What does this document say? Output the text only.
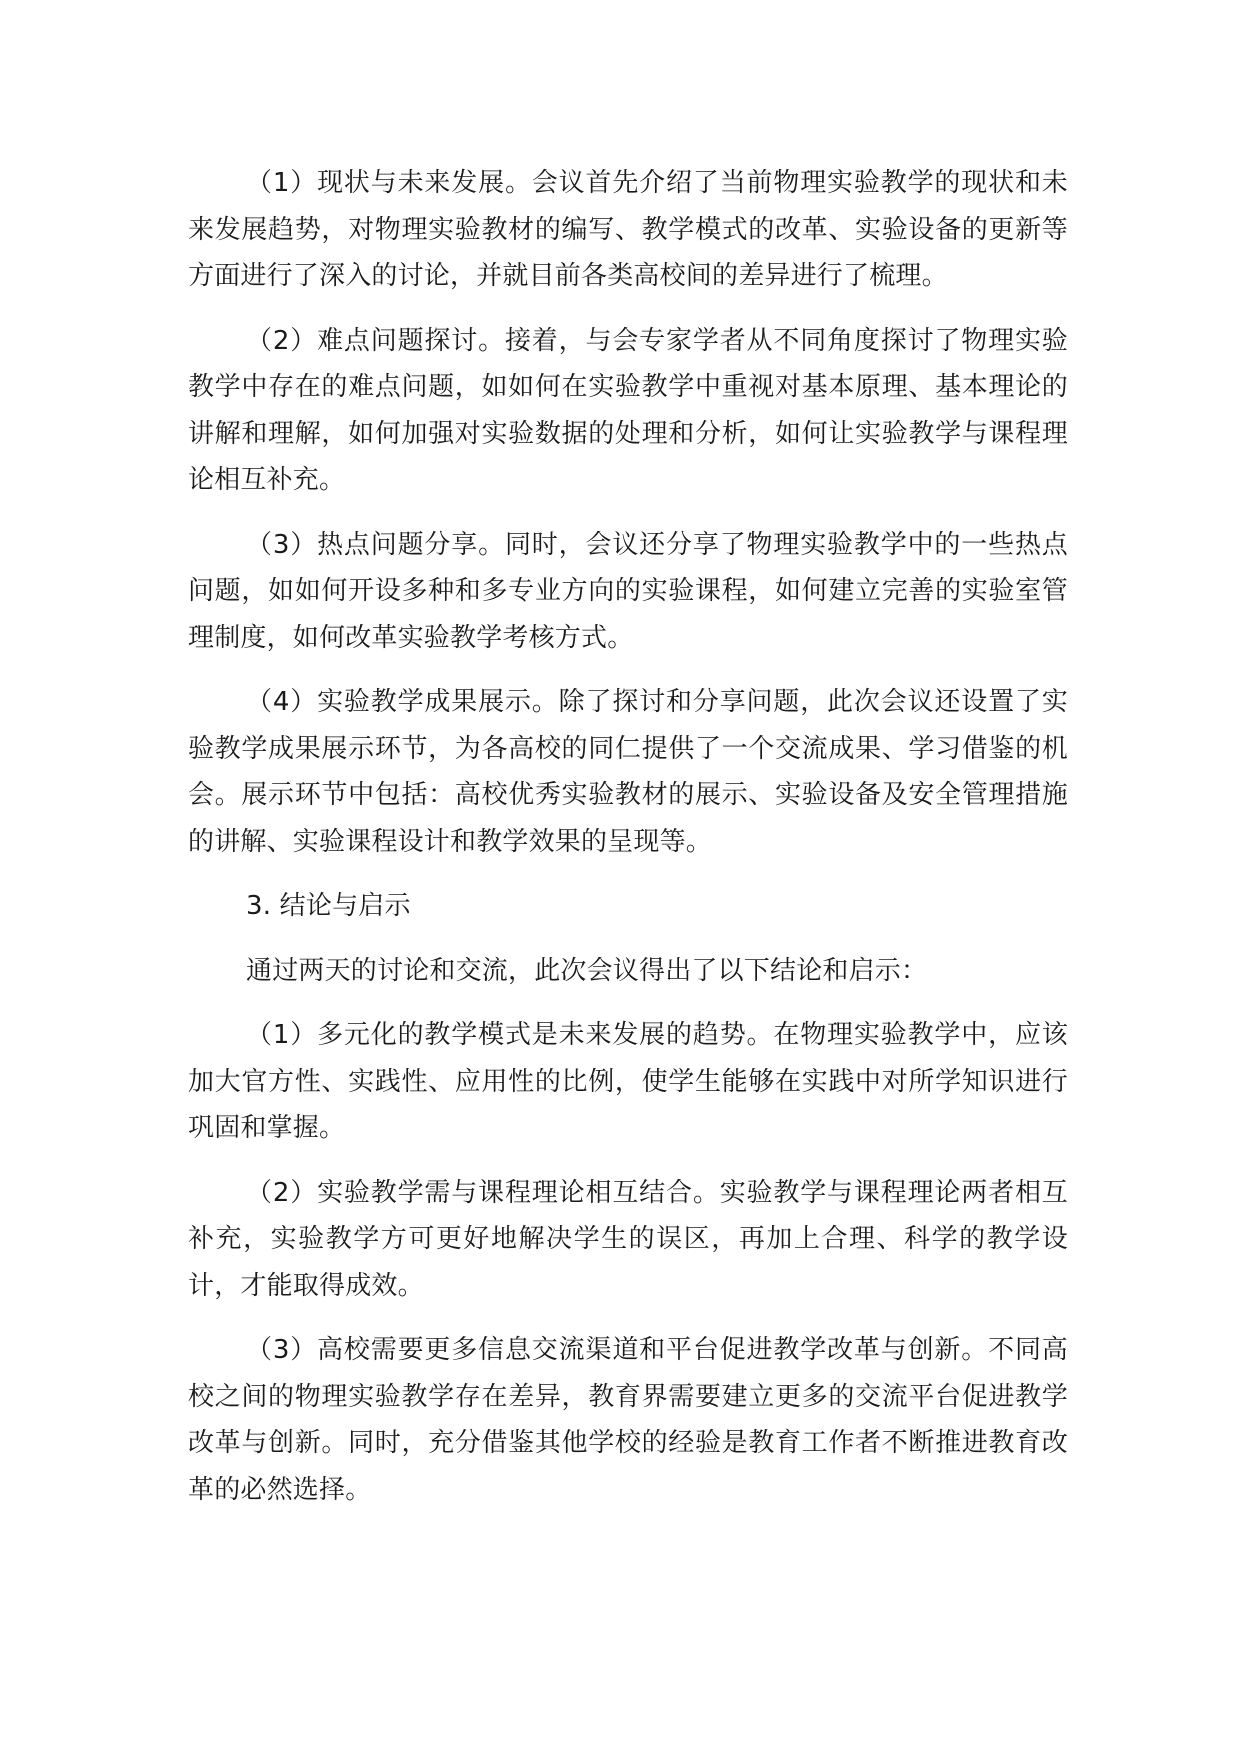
（1）现状与未来发展。会议首先介绍了当前物理实验教学的现状和未来发展趋势，对物理实验教材的编写、教学模式的改革、实验设备的更新等方面进行了深入的讨论，并就目前各类高校间的差异进行了梳理。

（2）难点问题探讨。接着，与会专家学者从不同角度探讨了物理实验教学中存在的难点问题，如如何在实验教学中重视对基本原理、基本理论的讲解和理解，如何加强对实验数据的处理和分析，如何让实验教学与课程理论相互补充。

（3）热点问题分享。同时，会议还分享了物理实验教学中的一些热点问题，如如何开设多种和多专业方向的实验课程，如何建立完善的实验室管理制度，如何改革实验教学考核方式。

（4）实验教学成果展示。除了探讨和分享问题，此次会议还设置了实验教学成果展示环节，为各高校的同仁提供了一个交流成果、学习借鉴的机会。展示环节中包括：高校优秀实验教材的展示、实验设备及安全管理措施的讲解、实验课程设计和教学效果的呈现等。

3. 结论与启示

通过两天的讨论和交流，此次会议得出了以下结论和启示：

（1）多元化的教学模式是未来发展的趋势。在物理实验教学中，应该加大官方性、实践性、应用性的比例，使学生能够在实践中对所学知识进行巩固和掌握。

（2）实验教学需与课程理论相互结合。实验教学与课程理论两者相互补充，实验教学方可更好地解决学生的误区，再加上合理、科学的教学设计，才能取得成效。

（3）高校需要更多信息交流渠道和平台促进教学改革与创新。不同高校之间的物理实验教学存在差异，教育界需要建立更多的交流平台促进教学改革与创新。同时，充分借鉴其他学校的经验是教育工作者不断推进教育改革的必然选择。
